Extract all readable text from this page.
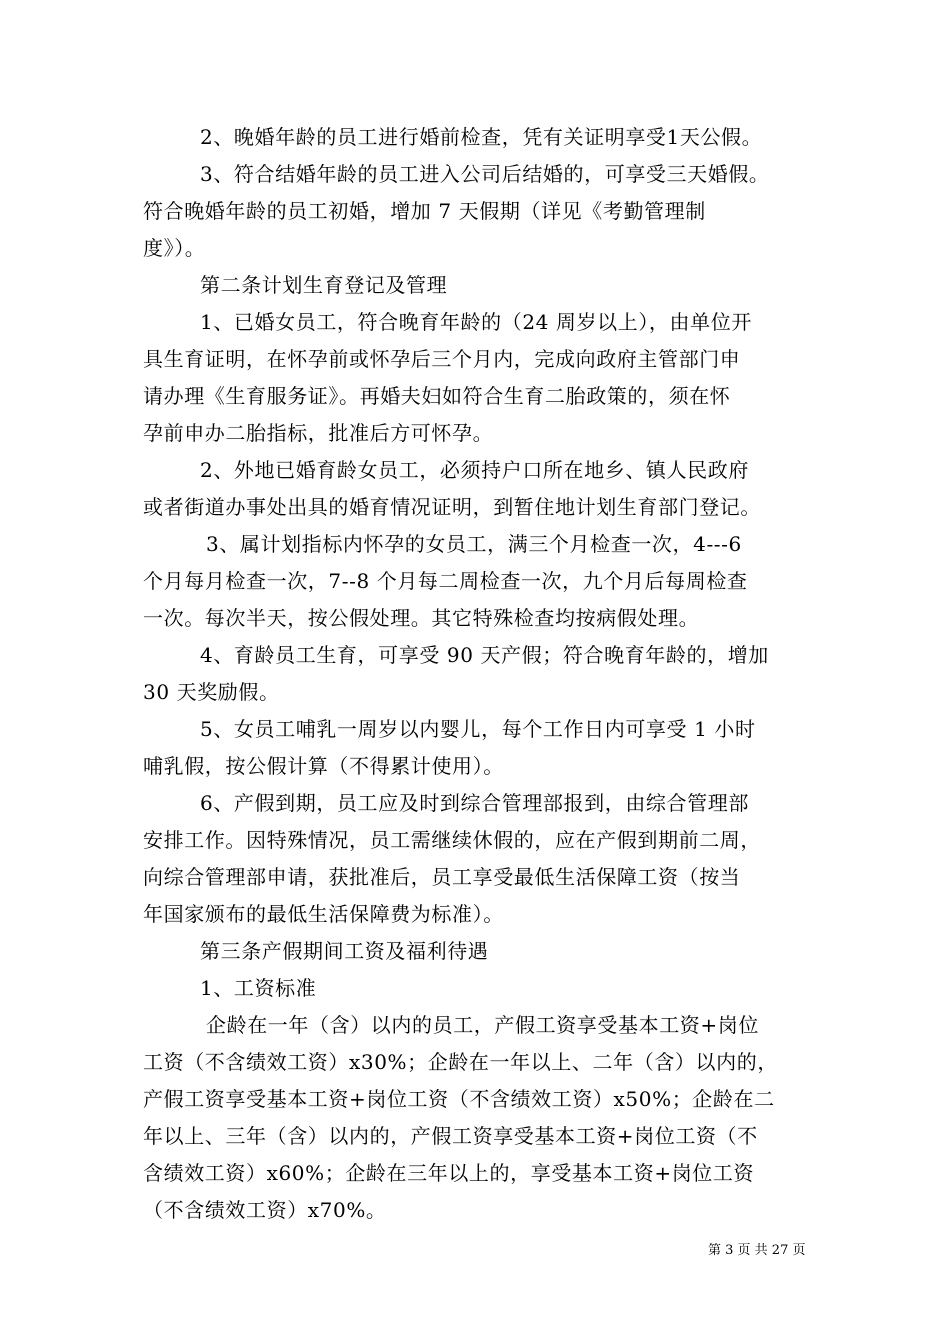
2、晚婚年龄的员工进行婚前检查，凭有关证明享受1天公假。
3、符合结婚年龄的员工进入公司后结婚的，可享受三天婚假。
符合晚婚年龄的员工初婚，增加 7 天假期（详见《考勤管理制
度》）。
第二条计划生育登记及管理
1、已婚女员工，符合晚育年龄的（24 周岁以上），由单位开
具生育证明，在怀孕前或怀孕后三个月内，完成向政府主管部门申
请办理《生育服务证》。再婚夫妇如符合生育二胎政策的，须在怀
孕前申办二胎指标，批准后方可怀孕。
2、外地已婚育龄女员工，必须持户口所在地乡、镇人民政府
或者街道办事处出具的婚育情况证明，到暂住地计划生育部门登记。
3、属计划指标内怀孕的女员工，满三个月检查一次，4---6
个月每月检查一次，7--8 个月每二周检查一次，九个月后每周检查
一次。每次半天，按公假处理。其它特殊检查均按病假处理。
4、育龄员工生育，可享受 90 天产假；符合晚育年龄的，增加
30 天奖励假。
5、女员工哺乳一周岁以内婴儿，每个工作日内可享受 1 小时
哺乳假，按公假计算（不得累计使用）。
6、产假到期，员工应及时到综合管理部报到，由综合管理部
安排工作。因特殊情况，员工需继续休假的，应在产假到期前二周，
向综合管理部申请，获批准后，员工享受最低生活保障工资（按当
年国家颁布的最低生活保障费为标准）。
第三条产假期间工资及福利待遇
1、工资标准
企龄在一年（含）以内的员工，产假工资享受基本工资+岗位
工资（不含绩效工资）x30%；企龄在一年以上、二年（含）以内的，
产假工资享受基本工资+岗位工资（不含绩效工资）x50%；企龄在二
年以上、三年（含）以内的，产假工资享受基本工资+岗位工资（不
含绩效工资）x60%；企龄在三年以上的，享受基本工资+岗位工资
（不含绩效工资）x70%。
第 3 页 共 27 页
